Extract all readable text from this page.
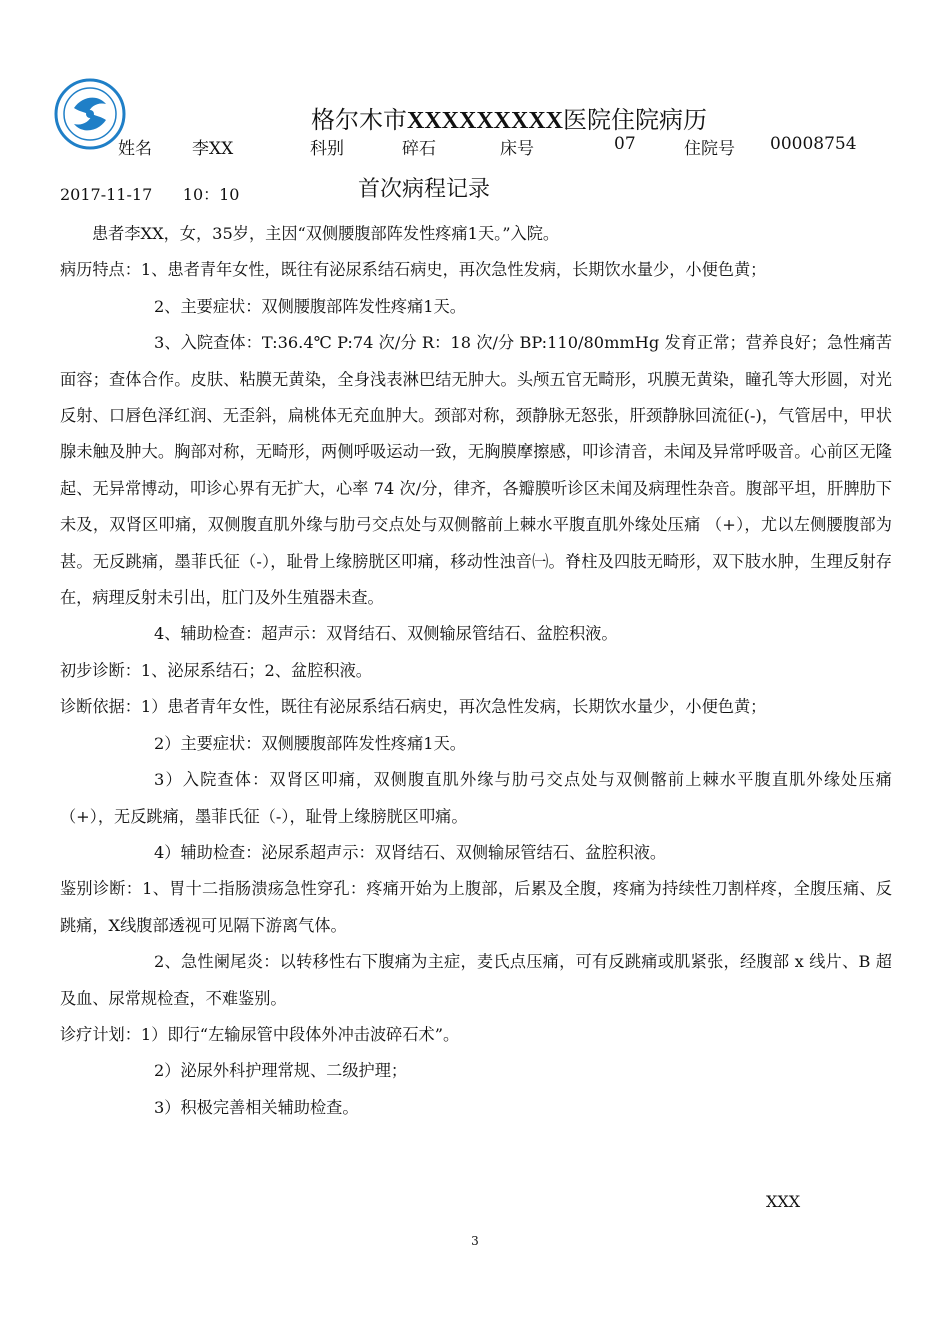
格尔木市XXXXXXXXX医院住院病历
姓名 李XX	科别	碎石	床号	07	住院号 00008754
2017-11-17      10：10	首次病程记录

患者李XX，女，35岁，主因“双侧腰腹部阵发性疼痛1天。”入院。

病历特点：1、患者青年女性，既往有泌尿系结石病史，再次急性发病，长期饮水量少，小便色黄；

2、主要症状：双侧腰腹部阵发性疼痛1天。

3、入院查体：T:36.4℃ P:74 次/分 R：18 次/分 BP:110/80mmHg 发育正常；营养良好；急性痛苦面容；查体合作。皮肤、粘膜无黄染，全身浅表淋巴结无肿大。头颅五官无畸形，巩膜无黄染，瞳孔等大形圆，对光反射、口唇色泽红润、无歪斜，扁桃体无充血肿大。颈部对称，颈静脉无怒张，肝颈静脉回流征(-)，气管居中，甲状腺未触及肿大。胸部对称，无畸形，两侧呼吸运动一致，无胸膜摩擦感，叩诊清音，未闻及异常呼吸音。心前区无隆起、无异常博动，叩诊心界有无扩大，心率 74 次/分，律齐，各瓣膜听诊区未闻及病理性杂音。腹部平坦，肝脾肋下未及，双肾区叩痛，双侧腹直肌外缘与肋弓交点处与双侧髂前上棘水平腹直肌外缘处压痛 （+），尤以左侧腰腹部为甚。无反跳痛，墨菲氏征（-），耻骨上缘膀胱区叩痛，移动性浊音㈠。脊柱及四肢无畸形，双下肢水肿，生理反射存在，病理反射未引出，肛门及外生殖器未查。

4、辅助检查：超声示：双肾结石、双侧输尿管结石、盆腔积液。

初步诊断：1、泌尿系结石；2、盆腔积液。

诊断依据：1）患者青年女性，既往有泌尿系结石病史，再次急性发病，长期饮水量少，小便色黄；

2）主要症状：双侧腰腹部阵发性疼痛1天。

3）入院查体：双肾区叩痛，双侧腹直肌外缘与肋弓交点处与双侧髂前上棘水平腹直肌外缘处压痛（+），无反跳痛，墨菲氏征（-），耻骨上缘膀胱区叩痛。

4）辅助检查：泌尿系超声示：双肾结石、双侧输尿管结石、盆腔积液。

鉴别诊断：1、胃十二指肠溃疡急性穿孔：疼痛开始为上腹部，后累及全腹，疼痛为持续性刀割样疼，全腹压痛、反跳痛，X线腹部透视可见隔下游离气体。

2、急性阑尾炎：以转移性右下腹痛为主症，麦氏点压痛，可有反跳痛或肌紧张，经腹部 x 线片、B 超及血、尿常规检查，不难鉴别。

诊疗计划：1）即行“左输尿管中段体外冲击波碎石术”。

2）泌尿外科护理常规、二级护理；

3）积极完善相关辅助检查。

XXX
3
